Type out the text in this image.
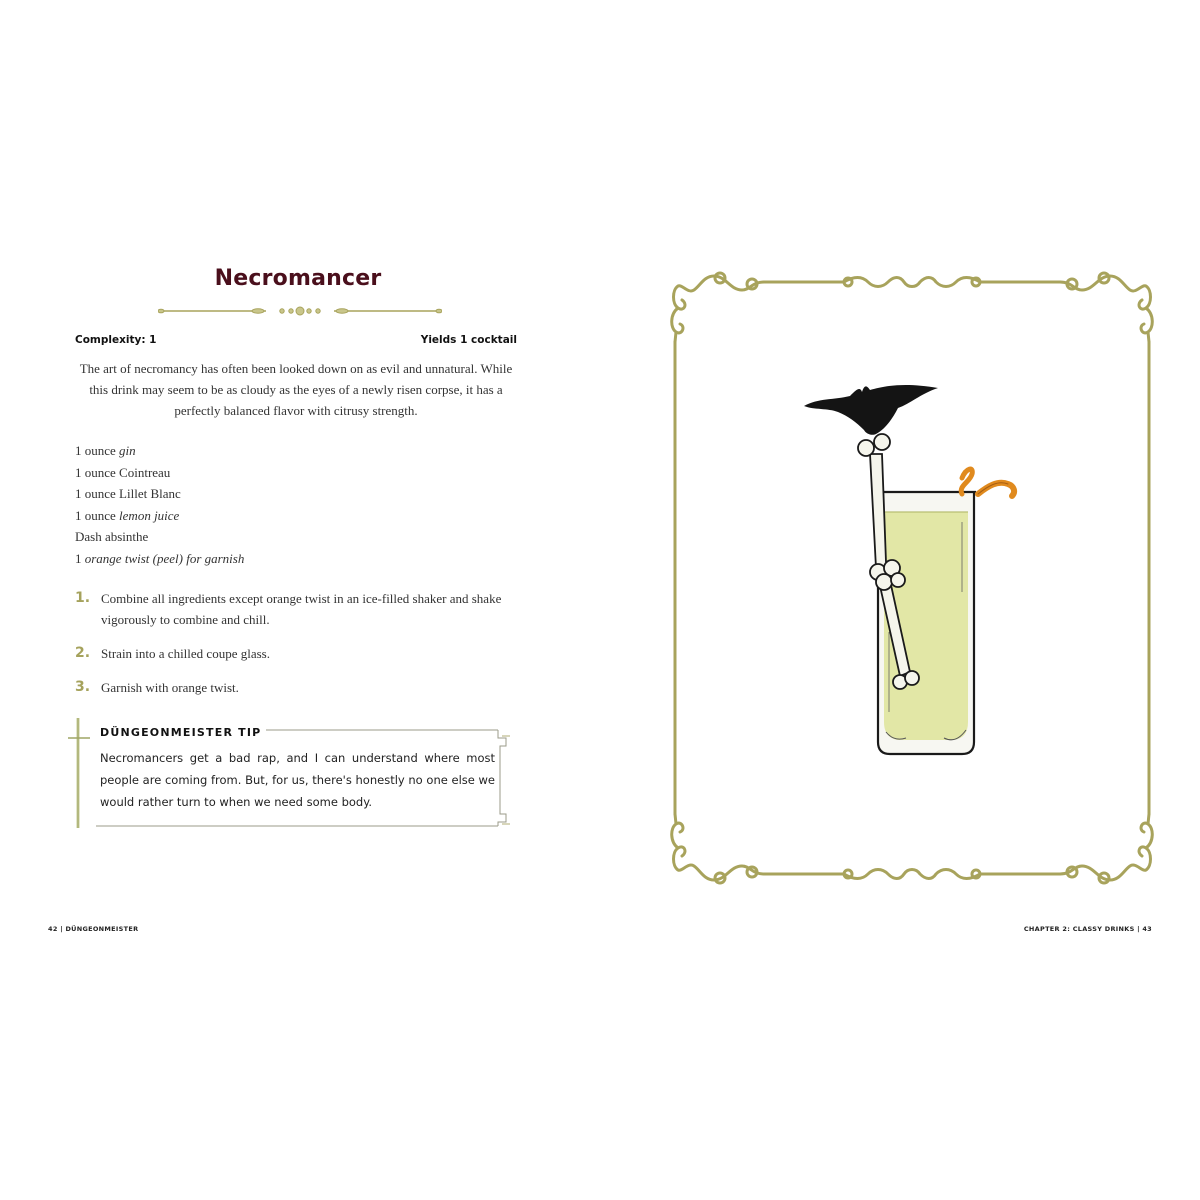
Necromancer
Complexity: 1	Yields 1 cocktail

The art of necromancy has often been looked down on as evil and unnatural. While this drink may seem to be as cloudy as the eyes of a newly risen corpse, it has a perfectly balanced flavor with citrusy strength.

1 ounce gin
1 ounce Cointreau
1 ounce Lillet Blanc
1 ounce lemon juice
Dash absinthe
1 orange twist (peel) for garnish
1. Combine all ingredients except orange twist in an ice-filled shaker and shake vigorously to combine and chill.
2. Strain into a chilled coupe glass.
3. Garnish with orange twist.
DÜNGEONMEISTER TIP
Necromancers get a bad rap, and I can understand where most people are coming from. But, for us, there's honestly no one else we would rather turn to when we need some body.
42 | DÜNGEONMEISTER	CHAPTER 2: CLASSY DRINKS | 43
